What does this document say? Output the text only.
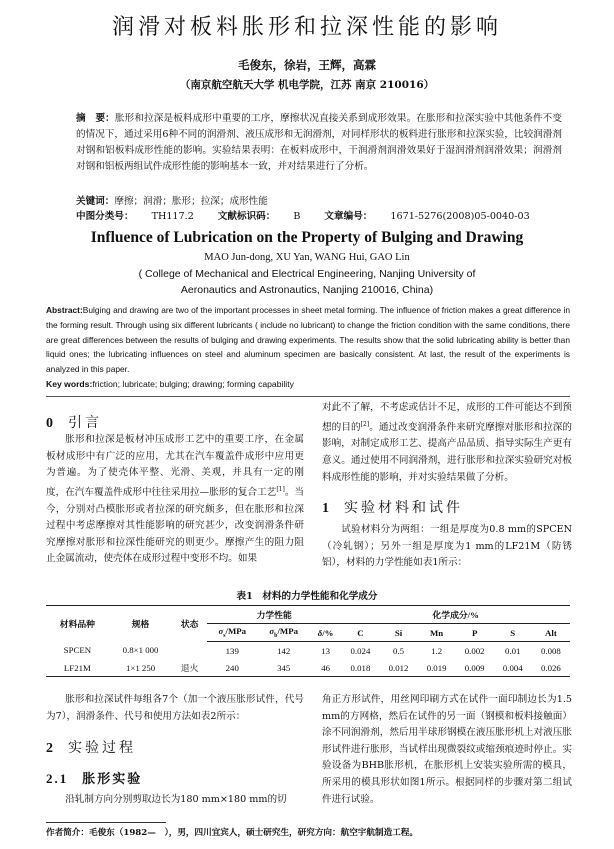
润滑对板料胀形和拉深性能的影响
毛俊东，徐岩，王辉，高霖
（南京航空航天大学 机电学院，江苏 南京 210016）
摘　要：胀形和拉深是板料成形中重要的工序，摩擦状况直接关系到成形效果。在胀形和拉深实验中其他条件不变的情况下，通过采用6种不同的润滑剂、液压成形和无润滑剂，对同样形状的板料进行胀形和拉深实验，比较润滑剂对钢和铝板料成形性能的影响。实验结果表明：在板料成形中，干润滑剂润滑效果好于湿润滑剂润滑效果；润滑剂对钢和铝板两组试件成形性能的影响基本一致，并对结果进行了分析。
关键词：摩擦；润滑；胀形；拉深；成形性能
中图分类号： TH117.2	文献标识码： B	文章编号： 1671-5276(2008)05-0040-03
Influence of Lubrication on the Property of Bulging and Drawing
MAO Jun-dong, XU Yan, WANG Hui, GAO Lin
( College of Mechanical and Electrical Engineering, Nanjing University of
Aeronautics and Astronautics, Nanjing 210016, China)
Abstract:Bulging and drawing are two of the important processes in sheet metal forming. The influence of friction makes a great difference in the forming result. Through using six different lubricants ( include no lubricant) to change the friction condition with the same conditions, there are great differences between the results of bulging and drawing experiments. The results show that the solid lubricating ability is better than liquid ones; the lubricating influences on steel and aluminum specimen are basically consistent. At last, the result of the experiments is analyzed in this paper.
Key words:friction; lubricate; bulging; drawing; forming capability
0 引言

胀形和拉深是板材冲压成形工艺中的重要工序，在金属板材成形中有广泛的应用，尤其在汽车覆盖件成形中应用更为普遍。为了使壳体平整、光滑、美观，并具有一定的刚度，在汽车覆盖件成形中往往采用拉—胀形的复合工艺[1]。当今，分别对凸模胀形或者拉深的研究颇多，但在胀形和拉深过程中考虑摩擦对其性能影响的研究甚少，改变润滑条件研究摩擦对胀形和拉深性能研究的则更少。摩擦产生的阻力阻止金属流动，使壳体在成形过程中变形不均。如果

对此不了解，不考虑或估计不足，成形的工件可能达不到预想的目的[2]。通过改变润滑条件来研究摩擦对胀形和拉深的影响，对制定成形工艺、提高产品品质、指导实际生产更有意义。通过使用不同润滑剂，进行胀形和拉深实验研究对板料成形性能的影响，并对实验结果做了分析。

1 实验材料和试件

试验材料分为两组：一组是厚度为0.8 mm的SPCEN（冷轧钢）；另外一组是厚度为1 mm的LF21M（防锈铝），材料的力学性能如表1所示：

表1　材料的力学性能和化学成分
材料品种	规格	状态	力学性能			化学成分/%					
			$\sigma_s$/MPa	$\sigma_b$/MPa	δ/%	C	Si	Mn	P	S	Alt
SPCEN	0.8×1 000		139	142	13	0.024	0.5	1.2	0.002	0.01	0.008
LF21M	1×1 250	退火	240	345	46	0.018	0.012	0.019	0.009	0.004	0.026

胀形和拉深试件每组各7个（加一个液压胀形试件，代号为7），润滑条件、代号和使用方法如表2所示：

2 实验过程
2.1 胀形实验

沿轧制方向分别剪取边长为180 mm×180 mm的切

角正方形试件，用丝网印刷方式在试件一面印制边长为1.5 mm的方网格，然后在试件的另一面（钢模和板料接触面）涂不同润滑剂，然后用半球形钢模在液压胀形机上对液压胀形试件进行胀形，当试样出现微裂纹或缩颈痕迹时停止。实验设备为BHB胀形机，在胀形机上安装实验所需的模具，所采用的模具形状如图1所示。根据同样的步骤对第二组试件进行试验。

作者简介：毛俊东（1982—　），男，四川宜宾人，硕士研究生，研究方向：航空宇航制造工程。
